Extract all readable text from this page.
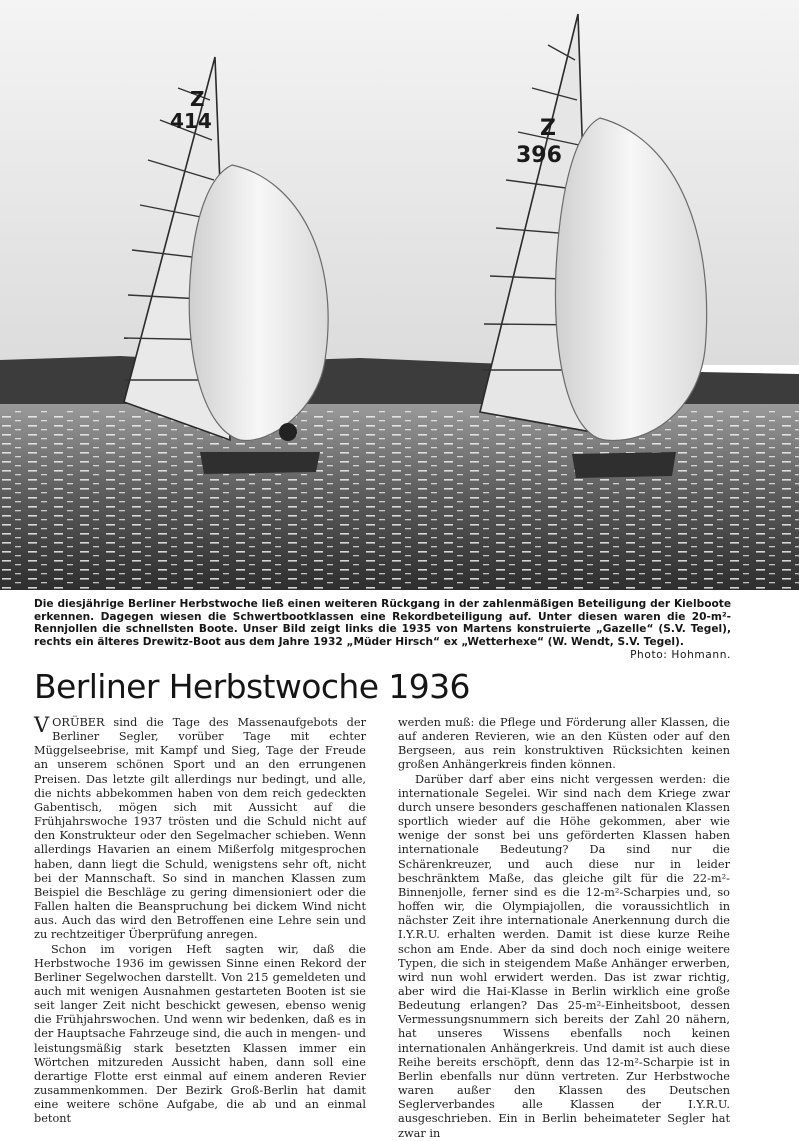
Z
414	Z
396
Die diesjährige Berliner Herbstwoche ließ einen weiteren Rückgang in der zahlenmäßigen Beteiligung der Kielboote erkennen. Dagegen wiesen die Schwertbootklassen eine Rekordbeteiligung auf. Unter diesen waren die 20-m²-Rennjollen die schnellsten Boote. Unser Bild zeigt links die 1935 von Martens konstruierte „Gazelle“ (S.V. Tegel), rechts ein älteres Drewitz-Boot aus dem Jahre 1932 „Müder Hirsch“ ex „Wetterhexe“ (W. Wendt, S.V. Tegel).
Photo: Hohmann.
Berliner Herbstwoche 1936

VORÜBER sind die Tage des Massenaufgebots der Berliner Segler, vorüber Tage mit echter Müggelseebrise, mit Kampf und Sieg, Tage der Freude an unserem schönen Sport und an den errungenen Preisen. Das letzte gilt allerdings nur bedingt, und alle, die nichts abbekommen haben von dem reich gedeckten Gabentisch, mögen sich mit Aussicht auf die Frühjahrswoche 1937 trösten und die Schuld nicht auf den Konstrukteur oder den Segelmacher schieben. Wenn allerdings Havarien an einem Mißerfolg mitgesprochen haben, dann liegt die Schuld, wenigstens sehr oft, nicht bei der Mannschaft. So sind in manchen Klassen zum Beispiel die Beschläge zu gering dimensioniert oder die Fallen halten die Beanspruchung bei dickem Wind nicht aus. Auch das wird den Betroffenen eine Lehre sein und zu rechtzeitiger Überprüfung anregen.

Schon im vorigen Heft sagten wir, daß die Herbstwoche 1936 im gewissen Sinne einen Rekord der Berliner Segelwochen darstellt. Von 215 gemeldeten und auch mit wenigen Ausnahmen gestarteten Booten ist sie seit langer Zeit nicht beschickt gewesen, ebenso wenig die Frühjahrswochen. Und wenn wir bedenken, daß es in der Hauptsache Fahrzeuge sind, die auch in mengen- und leistungsmäßig stark besetzten Klassen immer ein Wörtchen mitzureden Aussicht haben, dann soll eine derartige Flotte erst einmal auf einem anderen Revier zusammenkommen. Der Bezirk Groß-Berlin hat damit eine weitere schöne Aufgabe, die ab und an einmal betont

werden muß: die Pflege und Förderung aller Klassen, die auf anderen Revieren, wie an den Küsten oder auf den Bergseen, aus rein konstruktiven Rücksichten keinen großen Anhängerkreis finden können.

Darüber darf aber eins nicht vergessen werden: die internationale Segelei. Wir sind nach dem Kriege zwar durch unsere besonders geschaffenen nationalen Klassen sportlich wieder auf die Höhe gekommen, aber wie wenige der sonst bei uns geförderten Klassen haben internationale Bedeutung? Da sind nur die Schärenkreuzer, und auch diese nur in leider beschränktem Maße, das gleiche gilt für die 22-m²-Binnenjolle, ferner sind es die 12-m²-Scharpies und, so hoffen wir, die Olympiajollen, die voraussichtlich in nächster Zeit ihre internationale Anerkennung durch die I.Y.R.U. erhalten werden. Damit ist diese kurze Reihe schon am Ende. Aber da sind doch noch einige weitere Typen, die sich in steigendem Maße Anhänger erwerben, wird nun wohl erwidert werden. Das ist zwar richtig, aber wird die Hai-Klasse in Berlin wirklich eine große Bedeutung erlangen? Das 25-m²-Einheitsboot, dessen Vermessungsnummern sich bereits der Zahl 20 nähern, hat unseres Wissens ebenfalls noch keinen internationalen Anhängerkreis. Und damit ist auch diese Reihe bereits erschöpft, denn das 12-m²-Scharpie ist in Berlin ebenfalls nur dünn vertreten. Zur Herbstwoche waren außer den Klassen des Deutschen Seglerverbandes alle Klassen der I.Y.R.U. ausgeschrieben. Ein in Berlin beheimateter Segler hat zwar in
